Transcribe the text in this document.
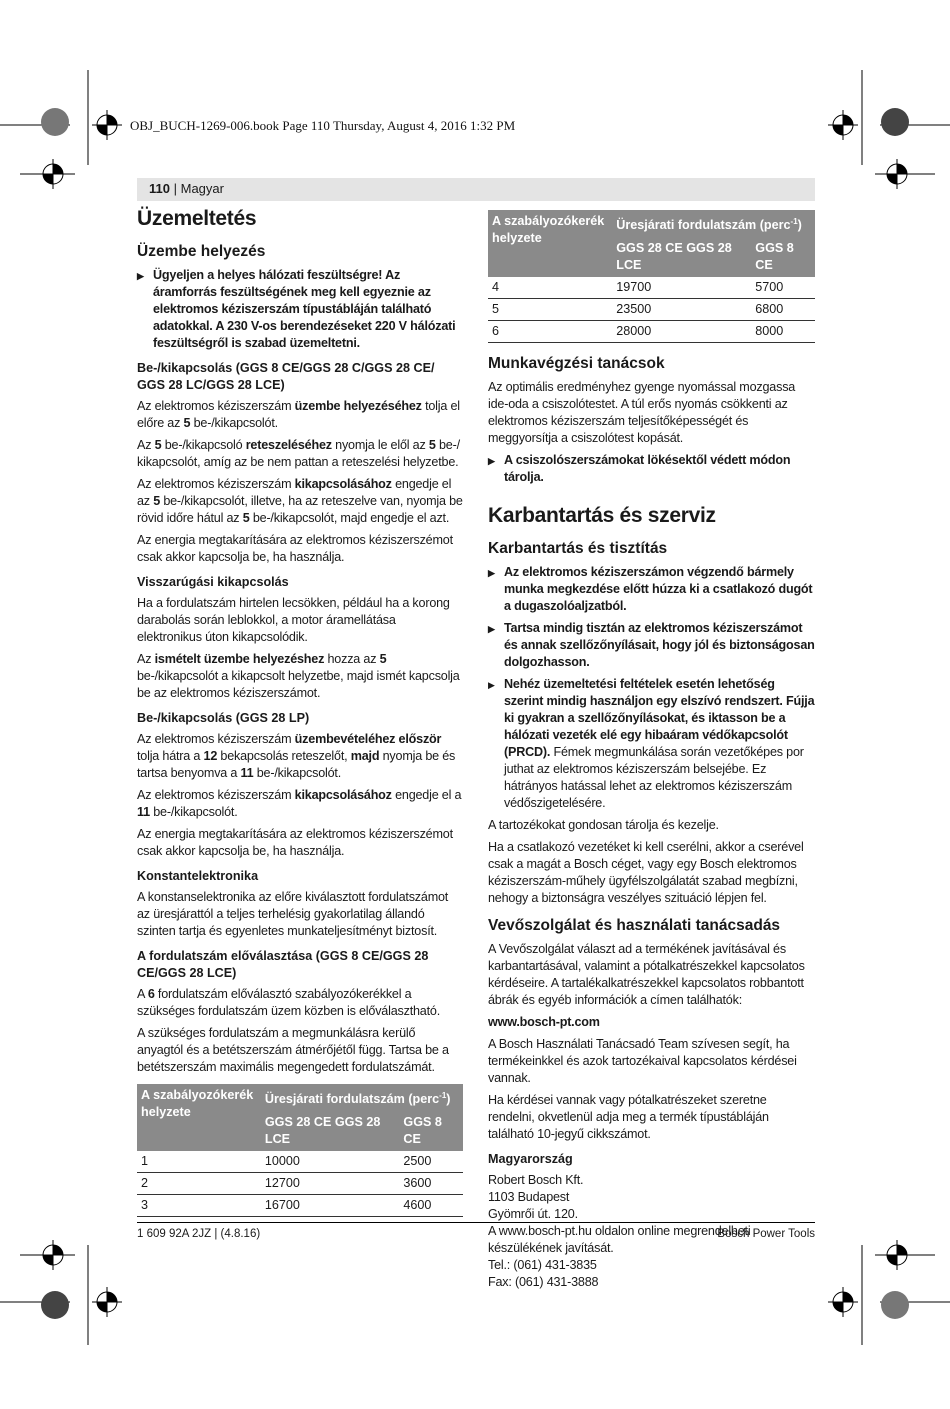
OBJ_BUCH-1269-006.book Page 110 Thursday, August 4, 2016 1:32 PM
110 | Magyar
Üzemeltetés
Üzembe helyezés

▶ Ügyeljen a helyes hálózati feszültségre! Az áramforrás feszültségének meg kell egyeznie az elektromos kéziszerszám típustábláján található adatokkal. A 230 V-os berendezéseket 220 V hálózati feszültségről is szabad üzemeltetni.

Be-/kikapcsolás (GGS 8 CE/GGS 28 C/GGS 28 CE/ GGS 28 LC/GGS 28 LCE)

Az elektromos kéziszerszám üzembe helyezéséhez tolja el előre az 5 be-/kikapcsolót.

Az 5 be-/kikapcsoló reteszeléséhez nyomja le elől az 5 be-/ kikapcsolót, amíg az be nem pattan a reteszelési helyzetbe.

Az elektromos kéziszerszám kikapcsolásához engedje el az 5 be-/kikapcsolót, illetve, ha az reteszelve van, nyomja be rövid időre hátul az 5 be-/kikapcsolót, majd engedje el azt.

Az energia megtakarítására az elektromos kéziszerszémot csak akkor kapcsolja be, ha használja.

Visszarúgási kikapcsolás

Ha a fordulatszám hirtelen lecsökken, például ha a korong darabolás során leblokkol, a motor áramellátása elektronikus úton kikapcsolódik.

Az ismételt üzembe helyezéshez hozza az 5 be-/kikapcsolót a kikapcsolt helyzetbe, majd ismét kapcsolja be az elektromos kéziszerszámot.

Be-/kikapcsolás (GGS 28 LP)

Az elektromos kéziszerszám üzembevételéhez először tolja hátra a 12 bekapcsolás reteszelőt, majd nyomja be és tartsa benyomva a 11 be-/kikapcsolót.

Az elektromos kéziszerszám kikapcsolásához engedje el a 11 be-/kikapcsolót.

Az energia megtakarítására az elektromos kéziszerszémot csak akkor kapcsolja be, ha használja.

Konstantelektronika

A konstanselektronika az előre kiválasztott fordulatszámot az üresjárattól a teljes terhelésig gyakorlatilag állandó szinten tartja és egyenletes munkateljesítményt biztosít.

A fordulatszám előválasztása (GGS 8 CE/GGS 28 CE/GGS 28 LCE)

A 6 fordulatszám előválasztó szabályozókerékkel a szükséges fordulatszám üzem közben is előválasztható.

A szükséges fordulatszám a megmunkálásra kerülő anyagtól és a betétszerszám átmérőjétől függ. Tartsa be a betétszerszám maximális megengedett fordulatszámát.

A szabályozókerék helyzete	Üresjárati fordulatszám (perc$^{-1}$)	
	GGS 28 CE GGS 28 LCE	GGS 8 CE
1	10000	2500
2	12700	3600
3	16700	4600
A szabályozókerék helyzete	Üresjárati fordulatszám (perc$^{-1}$)	
	GGS 28 CE GGS 28 LCE	GGS 8 CE
4	19700	5700
5	23500	6800
6	28000	8000
Munkavégzési tanácsok

Az optimális eredményhez gyenge nyomással mozgassa ide-oda a csiszolótestet. A túl erős nyomás csökkenti az elektromos kéziszerszám teljesítőképességét és meggyorsítja a csiszolótest kopását.

▶ A csiszolószerszámokat lökésektől védett módon tárolja.

Karbantartás és szerviz
Karbantartás és tisztítás

▶ Az elektromos kéziszerszámon végzendő bármely munka megkezdése előtt húzza ki a csatlakozó dugót a dugaszolóaljzatból.

▶ Tartsa mindig tisztán az elektromos kéziszerszámot és annak szellőzőnyílásait, hogy jól és biztonságosan dolgozhasson.

▶ Nehéz üzemeltetési feltételek esetén lehetőség szerint mindig használjon egy elszívó rendszert. Fújja ki gyakran a szellőzőnyílásokat, és iktasson be a hálózati vezeték elé egy hibaáram védőkapcsolót (PRCD). Fémek megmunkálása során vezetőképes por juthat az elektromos kéziszerszám belsejébe. Ez hátrányos hatással lehet az elektromos kéziszerszám védőszigetelésére.

A tartozékokat gondosan tárolja és kezelje.

Ha a csatlakozó vezetéket ki kell cserélni, akkor a cserével csak a magát a Bosch céget, vagy egy Bosch elektromos kéziszerszám-műhely ügyfélszolgálatát szabad megbízni, nehogy a biztonságra veszélyes szituáció lépjen fel.

Vevőszolgálat és használati tanácsadás

A Vevőszolgálat választ ad a termékének javításával és karbantartásával, valamint a pótalkatrészekkel kapcsolatos kérdéseire. A tartalékalkatrészekkel kapcsolatos robbantott ábrák és egyéb információk a címen találhatók:

www.bosch-pt.com

A Bosch Használati Tanácsadó Team szívesen segít, ha termékeinkkel és azok tartozékaival kapcsolatos kérdései vannak.

Ha kérdései vannak vagy pótalkatrészeket szeretne rendelni, okvetlenül adja meg a termék típustábláján található 10-jegyű cikkszámot.

Magyarország

Robert Bosch Kft.

1103 Budapest

Gyömrői út. 120.

A www.bosch-pt.hu oldalon online megrendelheti készülékének javítását.

Tel.: (061) 431-3835

Fax: (061) 431-3888

1 609 92A 2JZ | (4.8.16)	Bosch Power Tools
